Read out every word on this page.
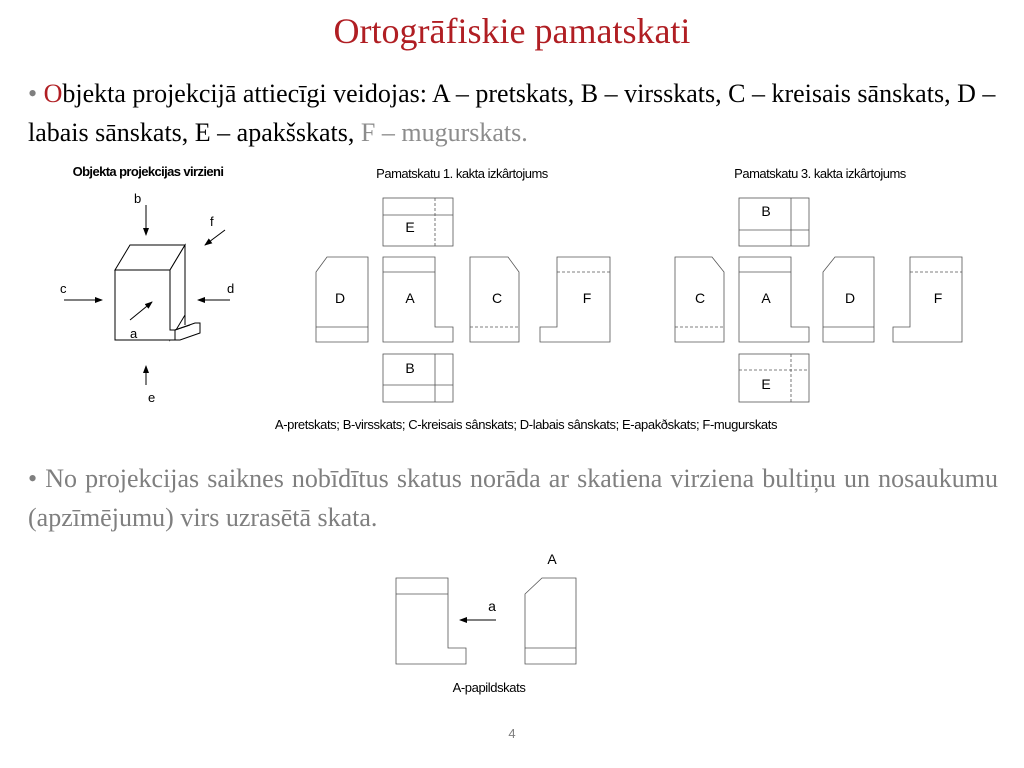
Ortogrāfiskie pamatskati
• Objekta projekcijā attiecīgi veidojas: A – pretskats, B – virsskats, C – kreisais sānskats, D – labais sānskats, E – apakšskats, F – mugurskats.
Objekta projekcijas virzieni
b
f
c	d
a
e
Pamatskatu 1. kakta izkârtojums
E
D	A	C	F
B
Pamatskatu 3. kakta izkârtojums
B
C	A	D	F
E
A-pretskats; B-virsskats; C-kreisais sânskats; D-labais sânskats; E-apakðskats; F-mugurskats
A
a
A-papildskats
• No projekcijas saiknes nobīdītus skatus norāda ar skatiena virziena bultiņu un nosaukumu (apzīmējumu) virs uzrasētā skata.
4
